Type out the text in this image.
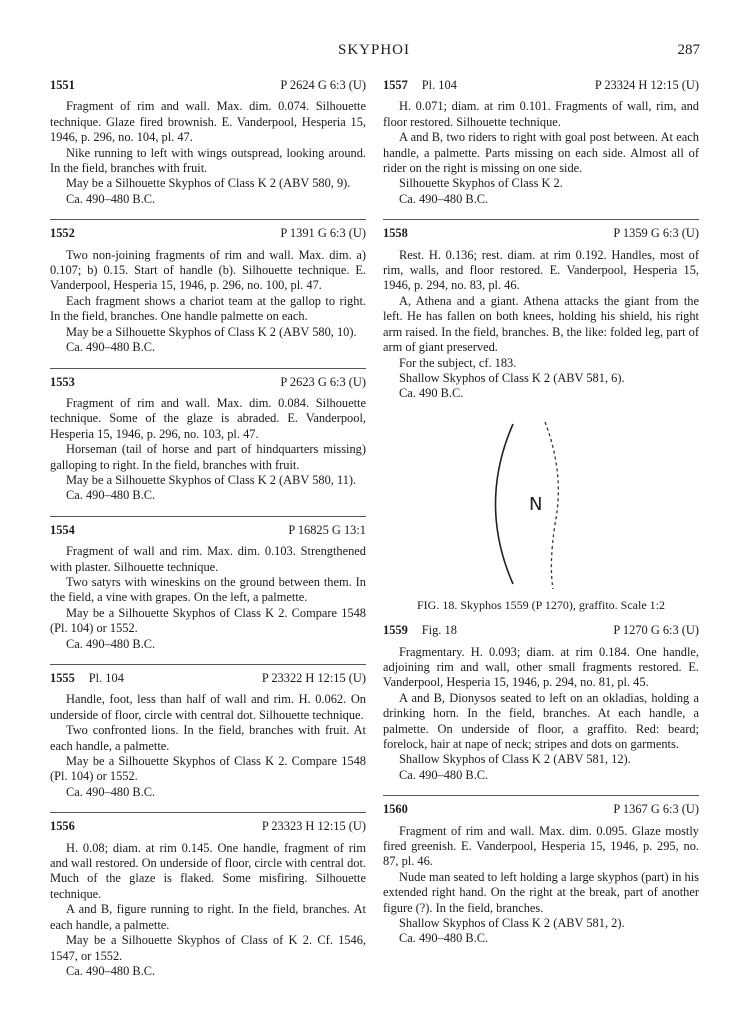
SKYPHOI	287
1551	P 2624 G 6:3 (U)

Fragment of rim and wall. Max. dim. 0.074. Silhouette technique. Glaze fired brownish. E. Vanderpool, Hesperia 15, 1946, p. 296, no. 104, pl. 47.

Nike running to left with wings outspread, looking around. In the field, branches with fruit.

May be a Silhouette Skyphos of Class K 2 (ABV 580, 9).

Ca. 490–480 B.C.

1552	P 1391 G 6:3 (U)

Two non-joining fragments of rim and wall. Max. dim. a) 0.107; b) 0.15. Start of handle (b). Silhouette technique. E. Vanderpool, Hesperia 15, 1946, p. 296, no. 100, pl. 47.

Each fragment shows a chariot team at the gallop to right. In the field, branches. One handle palmette on each.

May be a Silhouette Skyphos of Class K 2 (ABV 580, 10).

Ca. 490–480 B.C.

1553	P 2623 G 6:3 (U)

Fragment of rim and wall. Max. dim. 0.084. Silhouette technique. Some of the glaze is abraded. E. Vanderpool, Hesperia 15, 1946, p. 296, no. 103, pl. 47.

Horseman (tail of horse and part of hindquarters missing) galloping to right. In the field, branches with fruit.

May be a Silhouette Skyphos of Class K 2 (ABV 580, 11).

Ca. 490–480 B.C.

1554	P 16825 G 13:1

Fragment of wall and rim. Max. dim. 0.103. Strengthened with plaster. Silhouette technique.

Two satyrs with wineskins on the ground between them. In the field, a vine with grapes. On the left, a palmette.

May be a Silhouette Skyphos of Class K 2. Compare 1548 (Pl. 104) or 1552.

Ca. 490–480 B.C.

1555	Pl. 104	P 23322 H 12:15 (U)

Handle, foot, less than half of wall and rim. H. 0.062. On underside of floor, circle with central dot. Silhouette technique.

Two confronted lions. In the field, branches with fruit. At each handle, a palmette.

May be a Silhouette Skyphos of Class K 2. Compare 1548 (Pl. 104) or 1552.

Ca. 490–480 B.C.

1556	P 23323 H 12:15 (U)

H. 0.08; diam. at rim 0.145. One handle, fragment of rim and wall restored. On underside of floor, circle with central dot. Much of the glaze is flaked. Some misfiring. Silhouette technique.

A and B, figure running to right. In the field, branches. At each handle, a palmette.

May be a Silhouette Skyphos of Class of K 2. Cf. 1546, 1547, or 1552.

Ca. 490–480 B.C.

1557	Pl. 104	P 23324 H 12:15 (U)

H. 0.071; diam. at rim 0.101. Fragments of wall, rim, and floor restored. Silhouette technique.

A and B, two riders to right with goal post between. At each handle, a palmette. Parts missing on each side. Almost all of rider on the right is missing on one side.

Silhouette Skyphos of Class K 2.

Ca. 490–480 B.C.

1558	P 1359 G 6:3 (U)

Rest. H. 0.136; rest. diam. at rim 0.192. Handles, most of rim, walls, and floor restored. E. Vanderpool, Hesperia 15, 1946, p. 294, no. 83, pl. 46.

A, Athena and a giant. Athena attacks the giant from the left. He has fallen on both knees, holding his shield, his right arm raised. In the field, branches. B, the like: folded leg, part of arm of giant preserved.

For the subject, cf. 183.

Shallow Skyphos of Class K 2 (ABV 581, 6).

Ca. 490 B.C.

N
FIG. 18. Skyphos 1559 (P 1270), graffito. Scale 1:2
1559	Fig. 18	P 1270 G 6:3 (U)

Fragmentary. H. 0.093; diam. at rim 0.184. One handle, adjoining rim and wall, other small fragments restored. E. Vanderpool, Hesperia 15, 1946, p. 294, no. 81, pl. 45.

A and B, Dionysos seated to left on an okladias, holding a drinking horn. In the field, branches. At each handle, a palmette. On underside of floor, a graffito. Red: beard; forelock, hair at nape of neck; stripes and dots on garments.

Shallow Skyphos of Class K 2 (ABV 581, 12).

Ca. 490–480 B.C.

1560	P 1367 G 6:3 (U)

Fragment of rim and wall. Max. dim. 0.095. Glaze mostly fired greenish. E. Vanderpool, Hesperia 15, 1946, p. 295, no. 87, pl. 46.

Nude man seated to left holding a large skyphos (part) in his extended right hand. On the right at the break, part of another figure (?). In the field, branches.

Shallow Skyphos of Class K 2 (ABV 581, 2).

Ca. 490–480 B.C.
